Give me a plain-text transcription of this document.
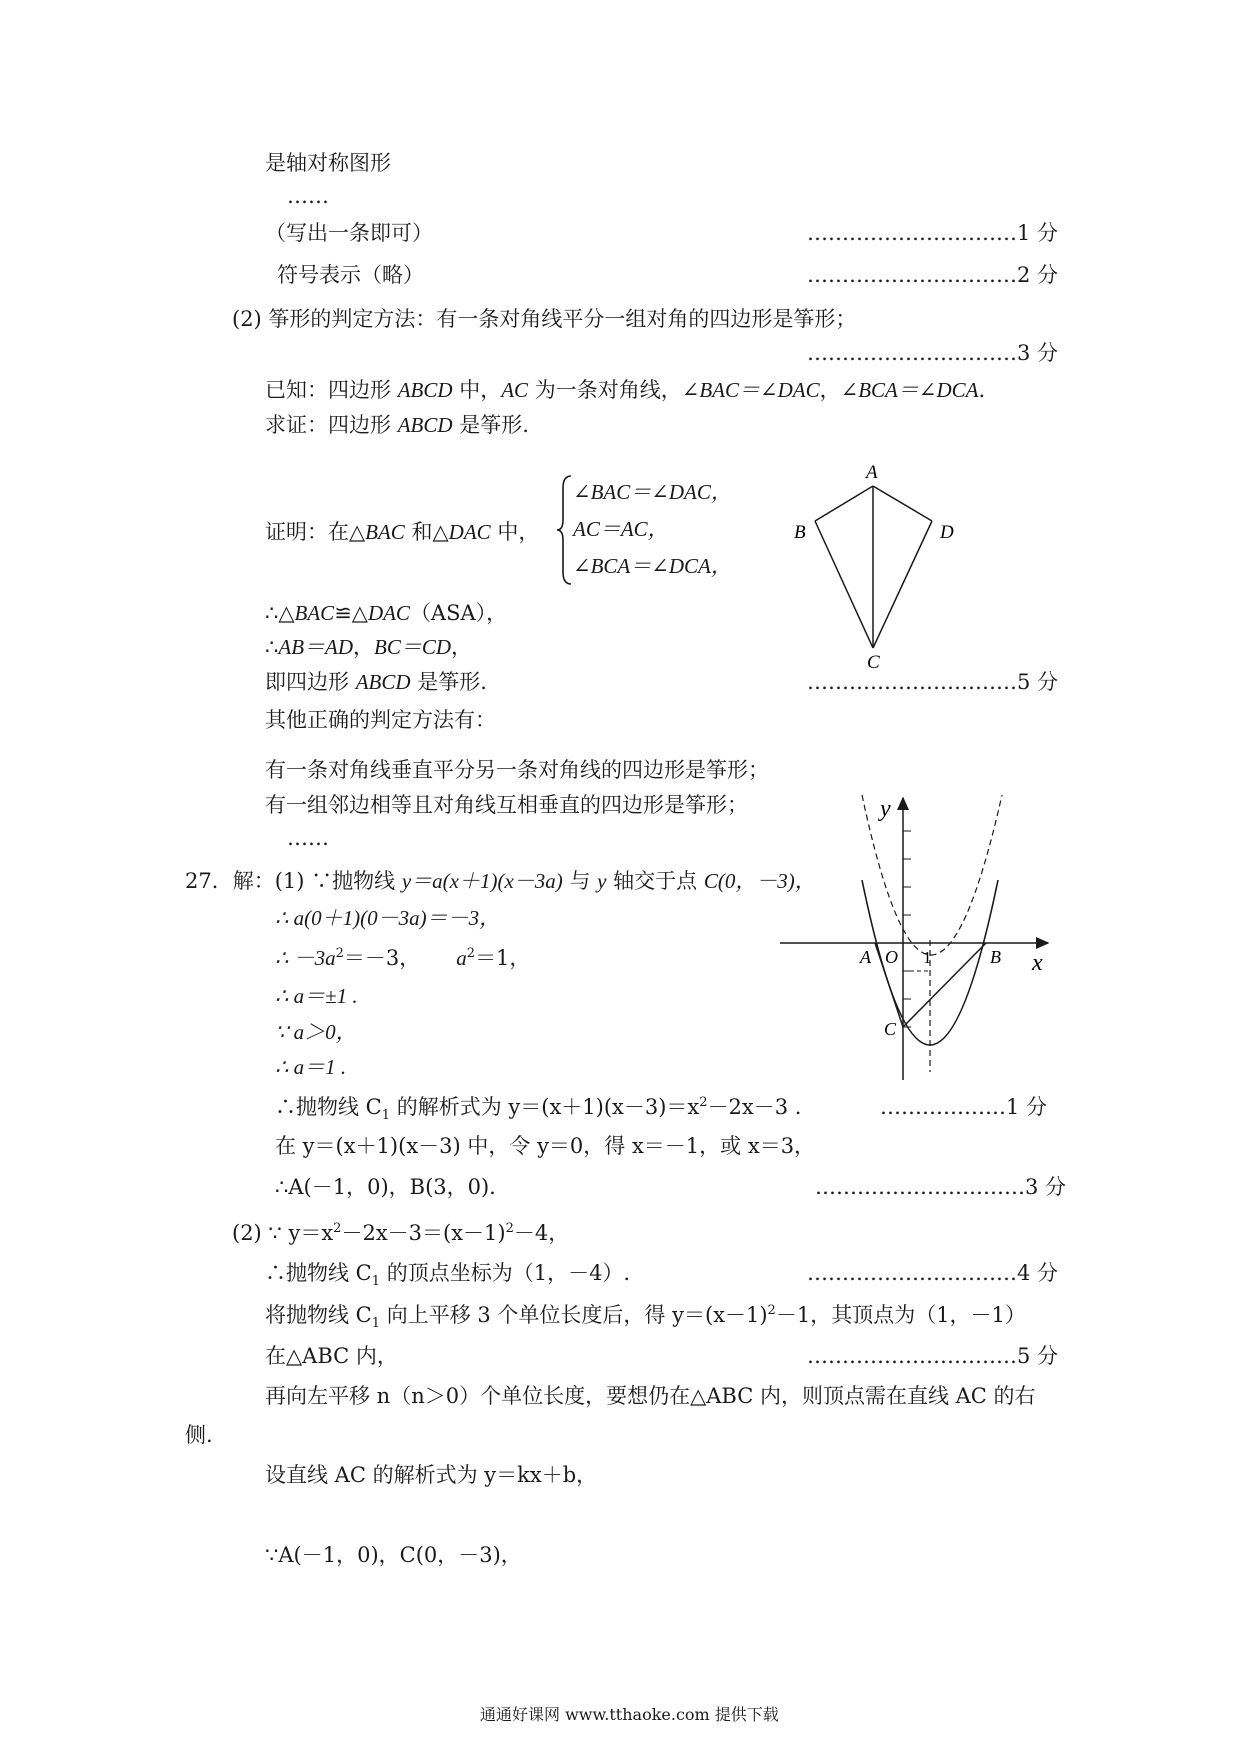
是轴对称图形
……
（写出一条即可）	…………………………1 分
符号表示（略）	…………………………2 分
(2) 筝形的判定方法：有一条对角线平分一组对角的四边形是筝形；
…………………………3 分
已知：四边形 ABCD 中，AC 为一条对角线，∠BAC＝∠DAC，∠BCA＝∠DCA.
求证：四边形 ABCD 是筝形.
证明：在△BAC 和△DAC 中，
∠BAC＝∠DAC，
AC＝AC，
∠BCA＝∠DCA，
∴△BAC≌△DAC（ASA），
∴AB＝AD，BC＝CD，
即四边形 ABCD 是筝形.	…………………………5 分
其他正确的判定方法有：
有一条对角线垂直平分另一条对角线的四边形是筝形；
有一组邻边相等且对角线互相垂直的四边形是筝形；
……
A
B	D
C
27．解：(1) ∵抛物线 y＝a(x＋1)(x－3a) 与 y 轴交于点 C(0，－3)，
∴ a(0＋1)(0－3a)＝－3，
∴ $-3a^2=-3$， $a^2=1$，
∴ a＝±1 .
∵ a＞0，
∴ a＝1 .
∴抛物线 $C_1$ 的解析式为 $y=(x+1)(x-3)=x^2-2x-3$ .	………………1 分
在 y＝(x＋1)(x－3) 中，令 y＝0，得 x＝－1，或 x＝3，
∴A(－1，0)，B(3，0).	…………………………3 分
(2) ∵ $y=x^2-2x-3=(x-1)^2-4$，
∴抛物线 $C_1$ 的顶点坐标为（1，－4）.	…………………………4 分
将抛物线 $C_1$ 向上平移 3 个单位长度后，得 $y=(x-1)^2-1$，其顶点为（1，－1）
在△ABC 内，	…………………………5 分
再向左平移 n（n＞0）个单位长度，要想仍在△ABC 内，则顶点需在直线 AC 的右
侧.
设直线 AC 的解析式为 y＝kx＋b，
∵A(－1，0)，C(0，－3)，
y
x
A O 1	B
C
通通好课网 www.tthaoke.com 提供下载
